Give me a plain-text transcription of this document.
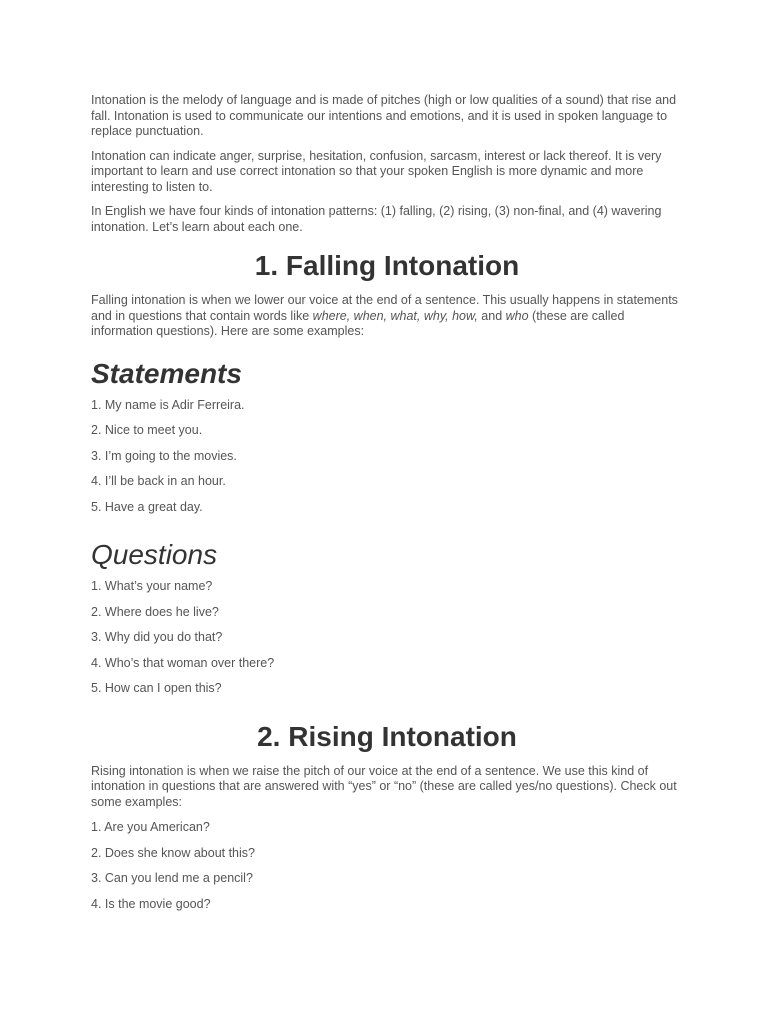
Intonation is the melody of language and is made of pitches (high or low qualities of a sound) that rise and fall. Intonation is used to communicate our intentions and emotions, and it is used in spoken language to replace punctuation.

Intonation can indicate anger, surprise, hesitation, confusion, sarcasm, interest or lack thereof. It is very important to learn and use correct intonation so that your spoken English is more dynamic and more interesting to listen to.

In English we have four kinds of intonation patterns: (1) falling, (2) rising, (3) non-final, and (4) wavering intonation. Let’s learn about each one.

1. Falling Intonation

Falling intonation is when we lower our voice at the end of a sentence. This usually happens in statements and in questions that contain words like where, when, what, why, how, and who (these are called information questions). Here are some examples:

Statements
1. My name is Adir Ferreira.
2. Nice to meet you.
3. I’m going to the movies.
4. I’ll be back in an hour.
5. Have a great day.
Questions
1. What’s your name?
2. Where does he live?
3. Why did you do that?
4. Who’s that woman over there?
5. How can I open this?
2. Rising Intonation

Rising intonation is when we raise the pitch of our voice at the end of a sentence. We use this kind of intonation in questions that are answered with “yes” or “no” (these are called yes/no questions). Check out some examples:

1. Are you American?
2. Does she know about this?
3. Can you lend me a pencil?
4. Is the movie good?
